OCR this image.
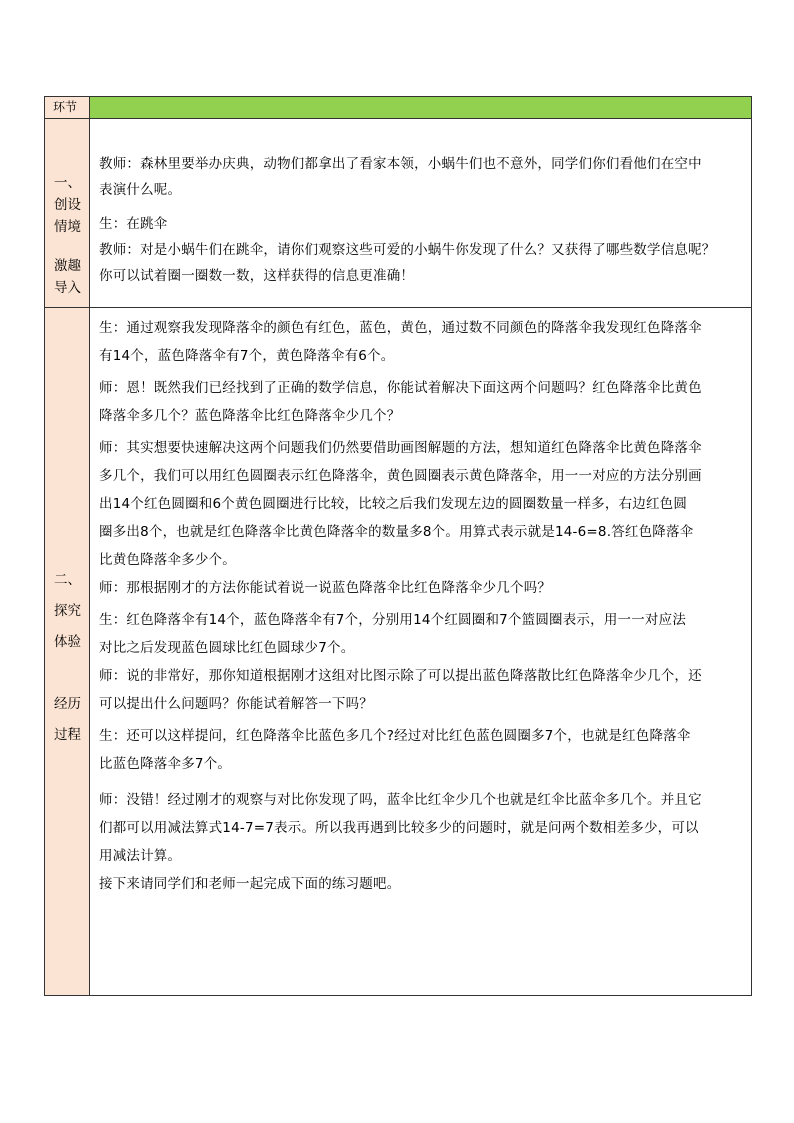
环节
一、
创设
情境
激趣
导入

教师：森林里要举办庆典，动物们都拿出了看家本领，小蜗牛们也不意外，同学们你们看他们在空中

表演什么呢。

生：在跳伞

教师：对是小蜗牛们在跳伞，请你们观察这些可爱的小蜗牛你发现了什么？又获得了哪些数学信息呢？

你可以试着圈一圈数一数，这样获得的信息更准确！

二、
探究
体验
经历
过程

生：通过观察我发现降落伞的颜色有红色，蓝色，黄色，通过数不同颜色的降落伞我发现红色降落伞

有14个，蓝色降落伞有7个，黄色降落伞有6个。

师：恩！既然我们已经找到了正确的数学信息，你能试着解决下面这两个问题吗？红色降落伞比黄色

降落伞多几个？蓝色降落伞比红色降落伞少几个？

师：其实想要快速解决这两个问题我们仍然要借助画图解题的方法，想知道红色降落伞比黄色降落伞

多几个，我们可以用红色圆圈表示红色降落伞，黄色圆圈表示黄色降落伞，用一一对应的方法分别画

出14个红色圆圈和6个黄色圆圈进行比较，比较之后我们发现左边的圆圈数量一样多，右边红色圆

圈多出8个，也就是红色降落伞比黄色降落伞的数量多8个。用算式表示就是14-6=8.答红色降落伞

比黄色降落伞多少个。

师：那根据刚才的方法你能试着说一说蓝色降落伞比红色降落伞少几个吗？

生：红色降落伞有14个，蓝色降落伞有7个，分别用14个红圆圈和7个篮圆圈表示，用一一对应法

对比之后发现蓝色圆球比红色圆球少7个。

师：说的非常好，那你知道根据刚才这组对比图示除了可以提出蓝色降落散比红色降落伞少几个，还

可以提出什么问题吗？你能试着解答一下吗？

生：还可以这样提问，红色降落伞比蓝色多几个?经过对比红色蓝色圆圈多7个，也就是红色降落伞

比蓝色降落伞多7个。

师：没错！经过刚才的观察与对比你发现了吗，蓝伞比红伞少几个也就是红伞比蓝伞多几个。并且它

们都可以用减法算式14-7=7表示。所以我再遇到比较多少的问题时，就是问两个数相差多少，可以

用减法计算。

接下来请同学们和老师一起完成下面的练习题吧。
